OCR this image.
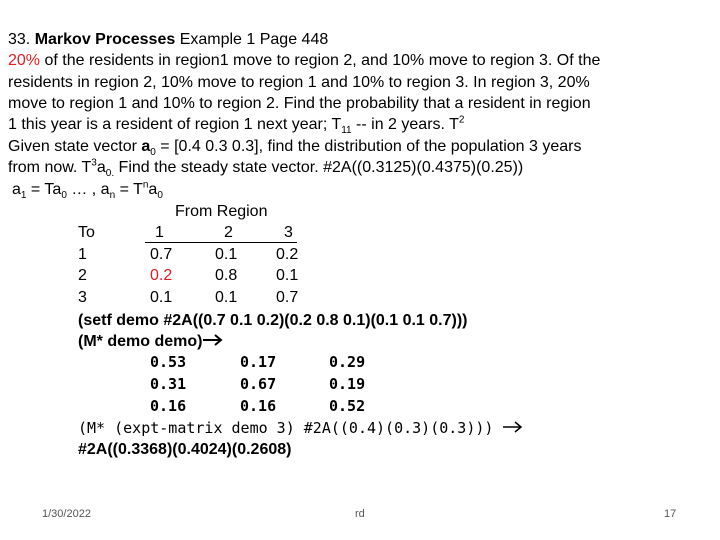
33. Markov Processes Example 1 Page 448
20% of the residents in region1 move to region 2, and 10% move to region 3. Of the
residents in region 2, 10% move to region 1 and 10% to region 3. In region 3, 20%
move to region 1 and 10% to region 2. Find the probability that a resident in region
1 this year is a resident of region 1 next year; $T_{11}$ -- in 2 years. $T^2$
Given state vector $a_0 = [0.4$ 0.3 0.3], find the distribution of the population 3 years
from now. $T^3a_{0.}$ Find the steady state vector. #2A((0.3125)(0.4375)(0.25))
$a_1 = Ta_0$ … , $a_n = T^na_0$
From Region
To	1	2	3
1	0.7	0.1 0.2
2	0.2	0.8 0.1
3	0.1	0.1 0.7
(setf demo #2A((0.7 0.1 0.2)(0.2 0.8 0.1)(0.1 0.1 0.7)))
(M* demo demo)
0.53	0.17	0.29
0.31	0.67	0.19
0.16	0.16	0.52
(M* (expt-matrix demo 3) #2A((0.4)(0.3)(0.3)))
#2A((0.3368)(0.4024)(0.2608)
1/30/2022	rd	17
